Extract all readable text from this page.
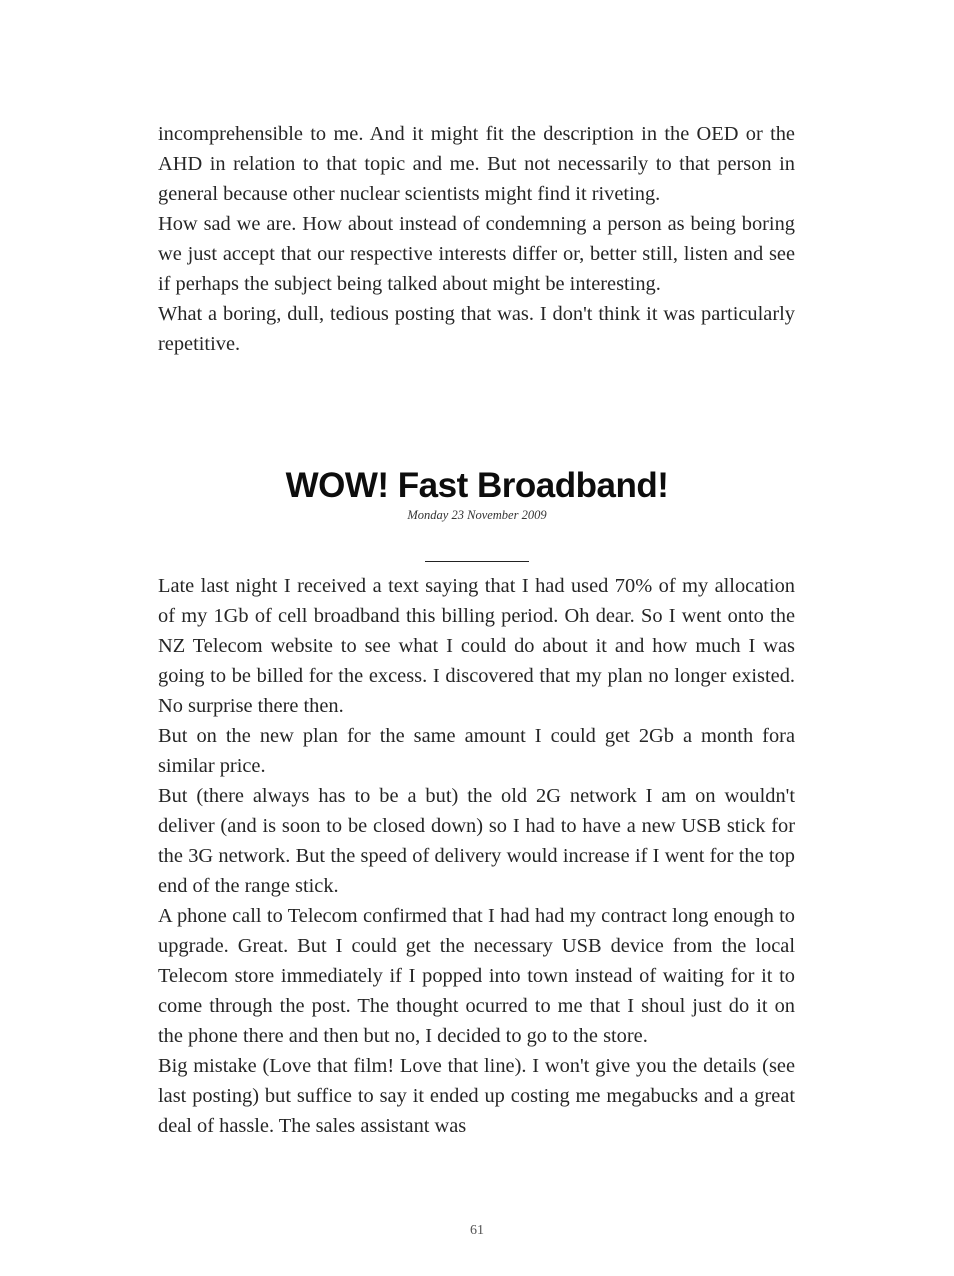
incomprehensible to me. And it might fit the description in the OED or the AHD in relation to that topic and me. But not necessarily to that person in general because other nuclear scientists might find it riveting.

How sad we are. How about instead of condemning a person as being boring we just accept that our respective interests differ or, better still, listen and see if perhaps the subject being talked about might be interesting.

What a boring, dull, tedious posting that was. I don't think it was particularly repetitive.

WOW! Fast Broadband!
Monday 23 November 2009

Late last night I received a text saying that I had used 70% of my allocation of my 1Gb of cell broadband this billing period. Oh dear. So I went onto the NZ Telecom website to see what I could do about it and how much I was going to be billed for the excess. I discovered that my plan no longer existed. No surprise there then.

But on the new plan for the same amount I could get 2Gb a month fora similar price.

But (there always has to be a but) the old 2G network I am on wouldn't deliver (and is soon to be closed down) so I had to have a new USB stick for the 3G network. But the speed of delivery would increase if I went for the top end of the range stick.

A phone call to Telecom confirmed that I had had my contract long enough to upgrade. Great. But I could get the necessary USB device from the local Telecom store immediately if I popped into town instead of waiting for it to come through the post. The thought ocurred to me that I shoul just do it on the phone there and then but no, I decided to go to the store.

Big mistake (Love that film! Love that line). I won't give you the details (see last posting) but suffice to say it ended up costing me megabucks and a great deal of hassle. The sales assistant was

61
